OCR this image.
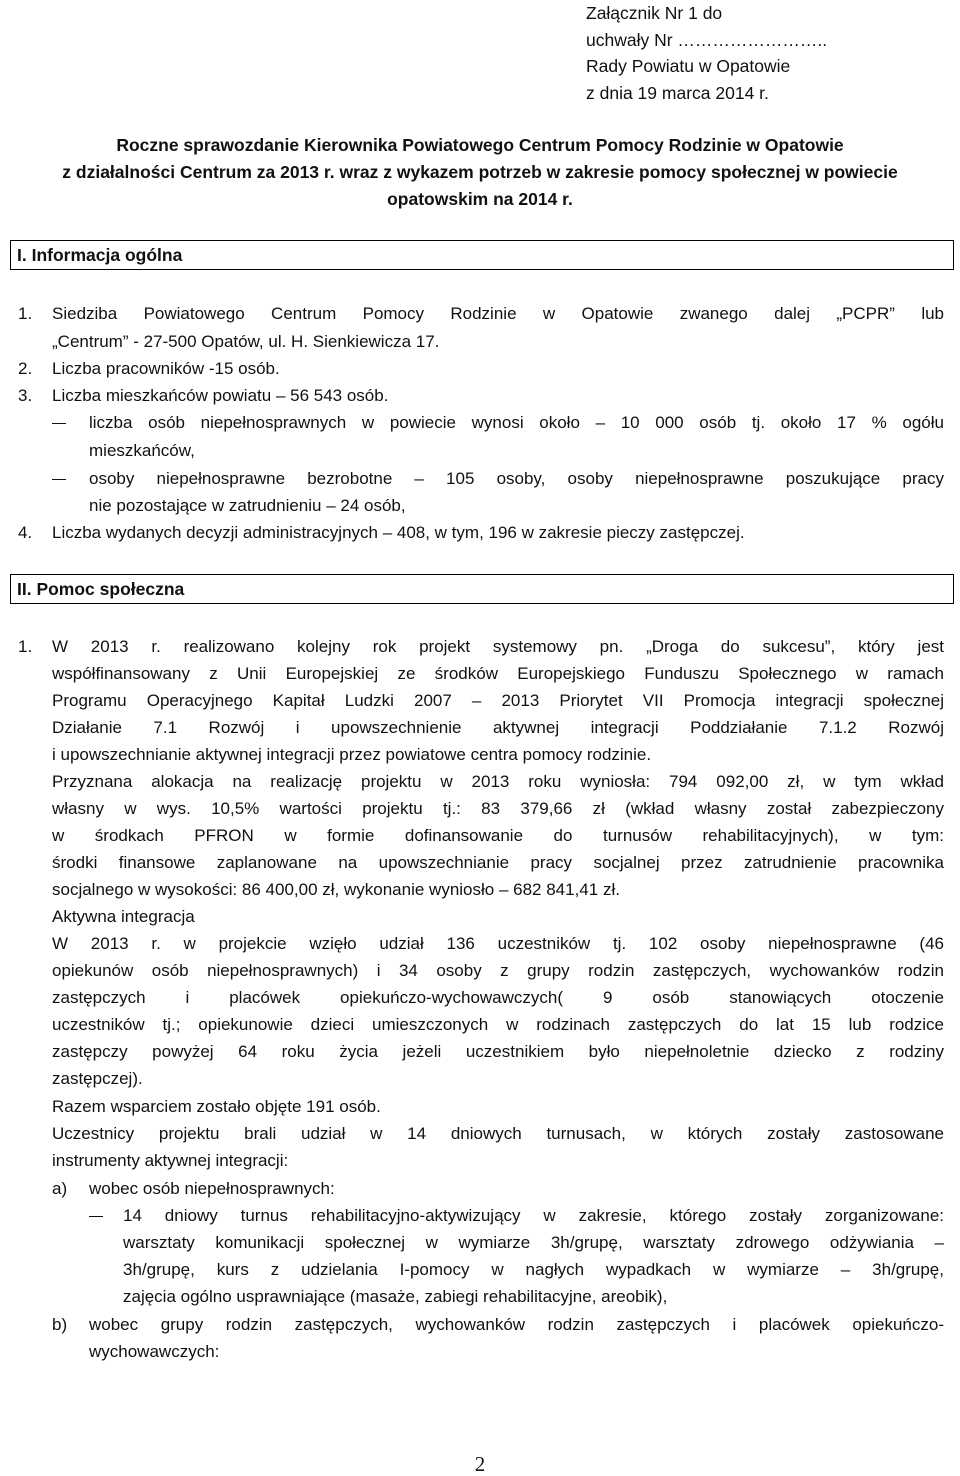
Załącznik Nr 1 do
uchwały Nr ……………………..
Rady Powiatu w Opatowie
z dnia 19 marca 2014 r.
Roczne sprawozdanie Kierownika Powiatowego Centrum Pomocy Rodzinie w Opatowie
z działalności Centrum za 2013 r. wraz z wykazem potrzeb w zakresie pomocy społecznej w powiecie
opatowskim na 2014 r.
I. Informacja ogólna
1. Siedziba Powiatowego Centrum Pomocy Rodzinie w Opatowie zwanego dalej „PCPR” lub
„Centrum” - 27-500 Opatów, ul. H. Sienkiewicza 17.
2. Liczba pracowników -15 osób.
3. Liczba mieszkańców powiatu – 56 543 osób.
liczba osób niepełnosprawnych w powiecie wynosi około – 10 000 osób tj. około 17 % ogółu
mieszkańców,
osoby niepełnosprawne bezrobotne – 105 osoby, osoby niepełnosprawne poszukujące pracy
nie pozostające w zatrudnieniu – 24 osób,
4. Liczba wydanych decyzji administracyjnych – 408, w tym, 196 w zakresie pieczy zastępczej.
II. Pomoc społeczna
1. W 2013 r. realizowano kolejny rok projekt systemowy pn. „Droga do sukcesu”, który jest
współfinansowany z Unii Europejskiej ze środków Europejskiego Funduszu Społecznego w ramach
Programu Operacyjnego Kapitał Ludzki 2007 – 2013 Priorytet VII Promocja integracji społecznej
Działanie 7.1 Rozwój i upowszechnienie aktywnej integracji Poddziałanie 7.1.2 Rozwój
i upowszechnianie aktywnej integracji przez powiatowe centra pomocy rodzinie.
Przyznana alokacja na realizację projektu w 2013 roku wyniosła: 794 092,00 zł, w tym wkład
własny w wys. 10,5% wartości projektu tj.: 83 379,66 zł (wkład własny został zabezpieczony
w środkach PFRON w formie dofinansowanie do turnusów rehabilitacyjnych), w tym:
środki finansowe zaplanowane na upowszechnianie pracy socjalnej przez zatrudnienie pracownika
socjalnego w wysokości: 86 400,00 zł, wykonanie wyniosło – 682 841,41 zł.
Aktywna integracja
W 2013 r. w projekcie wzięło udział 136 uczestników tj. 102 osoby niepełnosprawne (46
opiekunów osób niepełnosprawnych) i 34 osoby z grupy rodzin zastępczych, wychowanków rodzin
zastępczych i placówek opiekuńczo-wychowawczych( 9 osób stanowiących otoczenie
uczestników tj.; opiekunowie dzieci umieszczonych w rodzinach zastępczych do lat 15 lub rodzice
zastępczy powyżej 64 roku życia jeżeli uczestnikiem było niepełnoletnie dziecko z rodziny
zastępczej).
Razem wsparciem zostało objęte 191 osób.
Uczestnicy projektu brali udział w 14 dniowych turnusach, w których zostały zastosowane
instrumenty aktywnej integracji:
a) wobec osób niepełnosprawnych:
14 dniowy turnus rehabilitacyjno-aktywizujący w zakresie, którego zostały zorganizowane:
warsztaty komunikacji społecznej w wymiarze 3h/grupę, warsztaty zdrowego odżywiania –
3h/grupę, kurs z udzielania I-pomocy w nagłych wypadkach w wymiarze – 3h/grupę,
zajęcia ogólno usprawniające (masaże, zabiegi rehabilitacyjne, areobik),
b) wobec grupy rodzin zastępczych, wychowanków rodzin zastępczych i placówek opiekuńczo-
wychowawczych:
2
